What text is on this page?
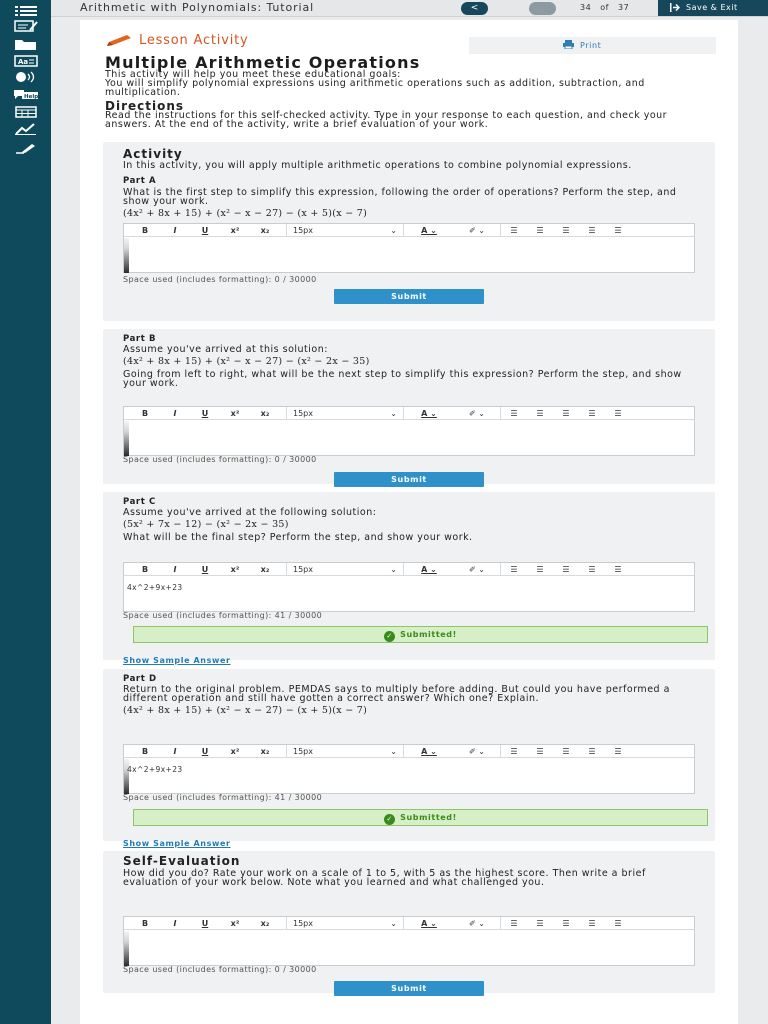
Aa
Help
Arithmetic with Polynomials: Tutorial	<	34 of 37	Save & Exit
Lesson Activity	Print
Multiple Arithmetic Operations
This activity will help you meet these educational goals:
You will simplify polynomial expressions using arithmetic operations such as addition, subtraction, and multiplication.
Directions
Read the instructions for this self-checked activity. Type in your response to each question, and check your answers. At the end of the activity, write a brief evaluation of your work.
Activity
In this activity, you will apply multiple arithmetic operations to combine polynomial expressions.
Part A
What is the first step to simplify this expression, following the order of operations? Perform the step, and show your work.
(4x² + 8x + 15) + (x² − x − 27) − (x + 5)(x − 7)
B	I	U	x²	x₂	15px	⌄	A ⌄	✐ ⌄	☰	☰	☰	☰	☰
Space used (includes formatting): 0 / 30000
Submit
Part B
Assume you've arrived at this solution:
(4x² + 8x + 15) + (x² − x − 27) − (x² − 2x − 35)
Going from left to right, what will be the next step to simplify this expression? Perform the step, and show your work.
B	I	U	x²	x₂	15px	⌄	A ⌄	✐ ⌄	☰	☰	☰	☰	☰
Space used (includes formatting): 0 / 30000
Submit
Part C
Assume you've arrived at the following solution:
(5x² + 7x − 12) − (x² − 2x − 35)
What will be the final step? Perform the step, and show your work.
B	I	U	x²	x₂	15px	⌄	A ⌄	✐ ⌄	☰	☰	☰	☰	☰
4x^2+9x+23
Space used (includes formatting): 41 / 30000
✓ Submitted!
Show Sample Answer
Part D
Return to the original problem. PEMDAS says to multiply before adding. But could you have performed a different operation and still have gotten a correct answer? Which one? Explain.
(4x² + 8x + 15) + (x² − x − 27) − (x + 5)(x − 7)
B	I	U	x²	x₂	15px	⌄	A ⌄	✐ ⌄	☰	☰	☰	☰	☰
4x^2+9x+23
Space used (includes formatting): 41 / 30000
✓ Submitted!
Show Sample Answer
Self-Evaluation
How did you do? Rate your work on a scale of 1 to 5, with 5 as the highest score. Then write a brief evaluation of your work below. Note what you learned and what challenged you.
B	I	U	x²	x₂	15px	⌄	A ⌄	✐ ⌄	☰	☰	☰	☰	☰
Space used (includes formatting): 0 / 30000
Submit
